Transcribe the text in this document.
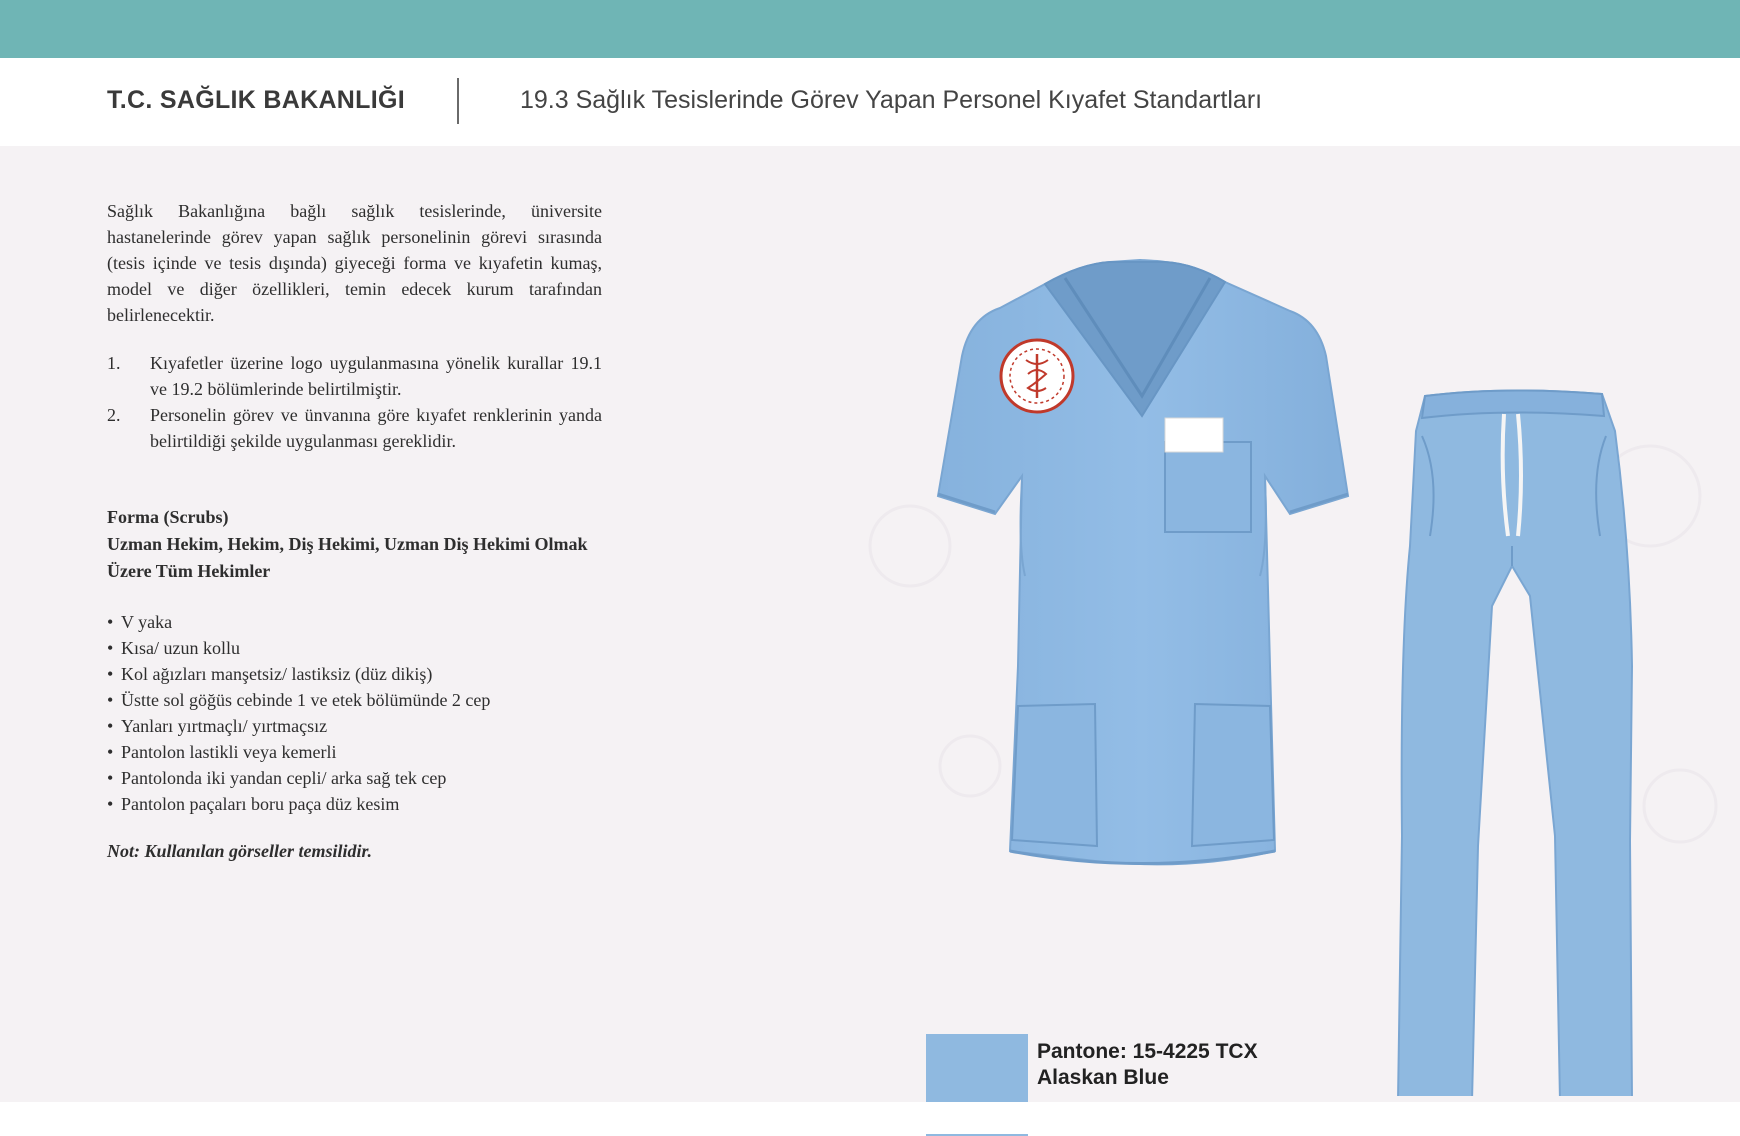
T.C. SAĞLIK BAKANLIĞI	19.3 Sağlık Tesislerinde Görev Yapan Personel Kıyafet Standartları

Sağlık Bakanlığına bağlı sağlık tesislerinde, üniversite hastanelerinde görev yapan sağlık personelinin görevi sırasında (tesis içinde ve tesis dışında) giyeceği forma ve kıyafetin kumaş, model ve diğer özellikleri, temin edecek kurum tarafından belirlenecektir.

1. Kıyafetler üzerine logo uygulanmasına yönelik kurallar 19.1 ve 19.2 bölümlerinde belirtilmiştir.
2. Personelin görev ve ünvanına göre kıyafet renklerinin yanda belirtildiği şekilde uygulanması gereklidir.
Forma (Scrubs)
Uzman Hekim, Hekim, Diş Hekimi, Uzman Diş Hekimi Olmak Üzere Tüm Hekimler
• V yaka
• Kısa/ uzun kollu
• Kol ağızları manşetsiz/ lastiksiz (düz dikiş)
• Üstte sol göğüs cebinde 1 ve etek bölümünde 2 cep
• Yanları yırtmaçlı/ yırtmaçsız
• Pantolon lastikli veya kemerli
• Pantolonda iki yandan cepli/ arka sağ tek cep
• Pantolon paçaları boru paça düz kesim
Not: Kullanılan görseller temsilidir.
Pantone: 15-4225 TCX
Alaskan Blue
